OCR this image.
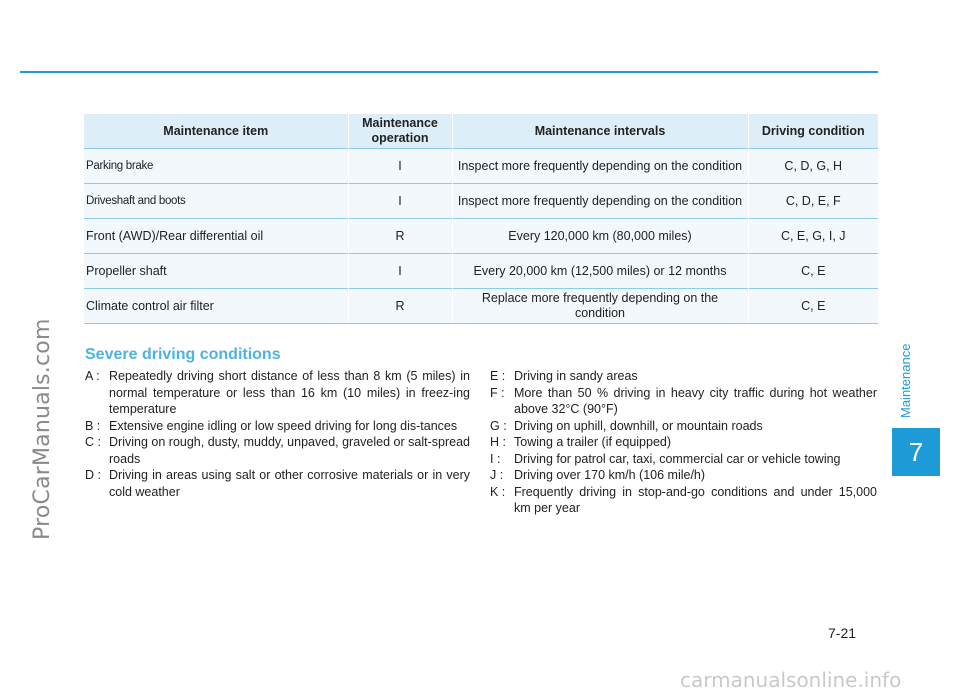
ProCarManuals.com	Maintenance
7
Maintenance item	Maintenance operation	Maintenance intervals	Driving condition
Parking brake	I	Inspect more frequently depending on the condition	C, D, G, H
Driveshaft and boots	I	Inspect more frequently depending on the condition	C, D, E, F
Front (AWD)/Rear differential oil	R	Every 120,000 km (80,000 miles)	C, E, G, I, J
Propeller shaft	I	Every 20,000 km (12,500 miles) or 12 months	C, E
Climate control air filter	R	Replace more frequently depending on the condition	C, E
Severe driving conditions
A : Repeatedly driving short distance of less than 8 km (5 miles) in normal temperature or less than 16 km (10 miles) in freez-ing temperature
B : Extensive engine idling or low speed driving for long dis-tances
C : Driving on rough, dusty, muddy, unpaved, graveled or salt-spread roads
D : Driving in areas using salt or other corrosive materials or in very cold weather
E : Driving in sandy areas
F : More than 50 % driving in heavy city traffic during hot weather above 32°C (90°F)
G : Driving on uphill, downhill, or mountain roads
H : Towing a trailer (if equipped)
I :	Driving for patrol car, taxi, commercial car or vehicle towing
J : Driving over 170 km/h (106 mile/h)
K : Frequently driving in stop-and-go conditions and under 15,000 km per year
7-21
carmanualsonline.info
